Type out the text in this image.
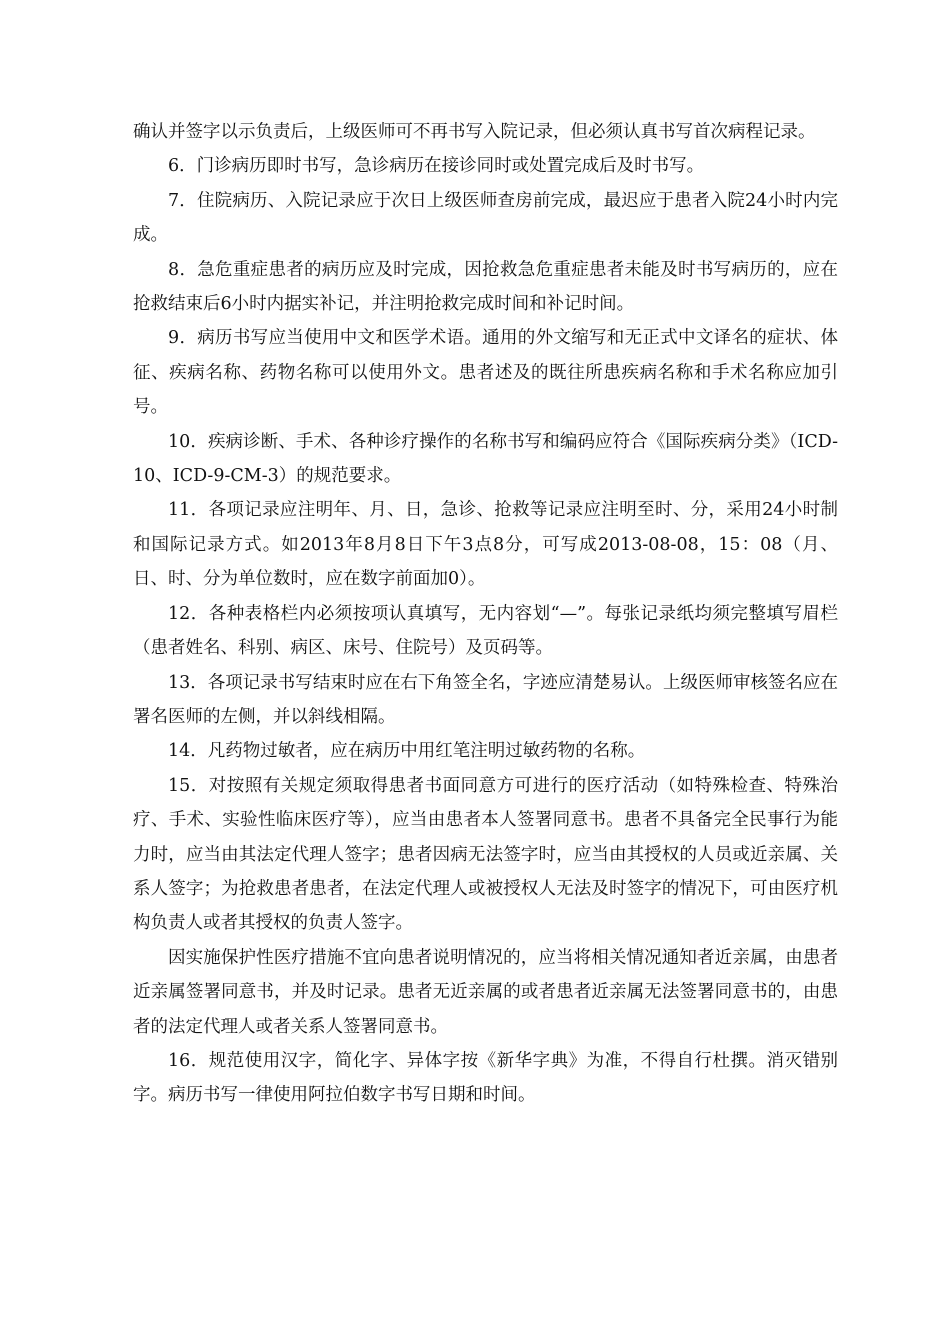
确认并签字以示负责后，上级医师可不再书写入院记录，但必须认真书写首次病程记录。

6．门诊病历即时书写，急诊病历在接诊同时或处置完成后及时书写。

7．住院病历、入院记录应于次日上级医师查房前完成，最迟应于患者入院24小时内完成。

8．急危重症患者的病历应及时完成，因抢救急危重症患者未能及时书写病历的，应在抢救结束后6小时内据实补记，并注明抢救完成时间和补记时间。

9．病历书写应当使用中文和医学术语。通用的外文缩写和无正式中文译名的症状、体征、疾病名称、药物名称可以使用外文。患者述及的既往所患疾病名称和手术名称应加引号。

10．疾病诊断、手术、各种诊疗操作的名称书写和编码应符合《国际疾病分类》（ICD-10、ICD-9-CM-3）的规范要求。

11．各项记录应注明年、月、日，急诊、抢救等记录应注明至时、分，采用24小时制和国际记录方式。如2013年8月8日下午3点8分，可写成2013-08-08，15：08（月、日、时、分为单位数时，应在数字前面加0）。

12．各种表格栏内必须按项认真填写，无内容划“—”。每张记录纸均须完整填写眉栏（患者姓名、科别、病区、床号、住院号）及页码等。

13．各项记录书写结束时应在右下角签全名，字迹应清楚易认。上级医师审核签名应在署名医师的左侧，并以斜线相隔。

14．凡药物过敏者，应在病历中用红笔注明过敏药物的名称。

15．对按照有关规定须取得患者书面同意方可进行的医疗活动（如特殊检查、特殊治疗、手术、实验性临床医疗等），应当由患者本人签署同意书。患者不具备完全民事行为能力时，应当由其法定代理人签字；患者因病无法签字时，应当由其授权的人员或近亲属、关系人签字；为抢救患者患者，在法定代理人或被授权人无法及时签字的情况下，可由医疗机构负责人或者其授权的负责人签字。

因实施保护性医疗措施不宜向患者说明情况的，应当将相关情况通知者近亲属，由患者近亲属签署同意书，并及时记录。患者无近亲属的或者患者近亲属无法签署同意书的，由患者的法定代理人或者关系人签署同意书。

16．规范使用汉字，简化字、异体字按《新华字典》为准，不得自行杜撰。消灭错别字。病历书写一律使用阿拉伯数字书写日期和时间。
